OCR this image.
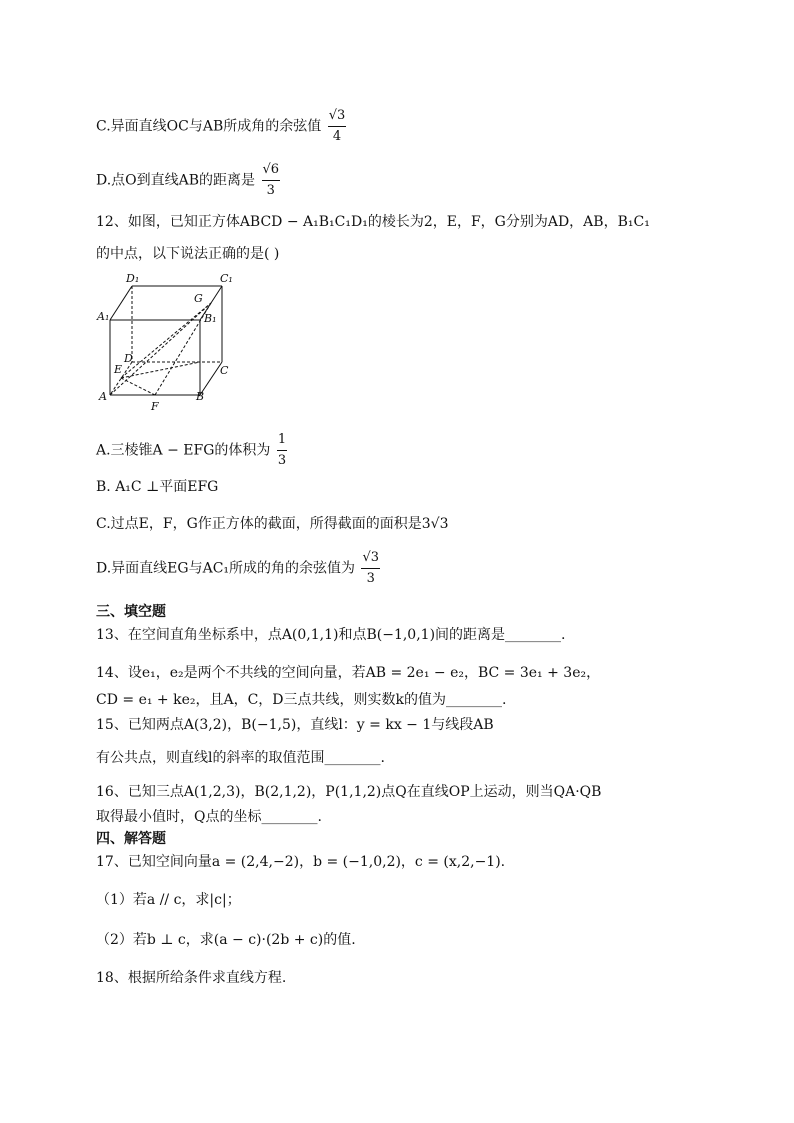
C.异面直线OC与AB所成角的余弦值 $\frac{√3}{4}$
D.点O到直线AB的距离是 $\frac{√6}{3}$
12、如图，已知正方体ABCD − A₁B₁C₁D₁的棱长为2，E，F，G分别为AD，AB，B₁C₁
的中点，以下说法正确的是( )
D₁	C₁
A₁
G
B₁
E
D
C
A
F
B
A.三棱锥A − EFG的体积为 $\frac{1}{3}$
B. A₁C ⊥平面EFG
C.过点E，F，G作正方体的截面，所得截面的面积是3√3
D.异面直线EG与AC₁所成的角的余弦值为 $\frac{√3}{3}$
三、填空题
13、在空间直角坐标系中，点A(0,1,1)和点B(−1,0,1)间的距离是________.
14、设e₁，e₂是两个不共线的空间向量，若AB = 2e₁ − e₂，BC = 3e₁ + 3e₂，
CD = e₁ + ke₂，且A，C，D三点共线，则实数k的值为________.
15、已知两点A(3,2)，B(−1,5)，直线l：y = kx − 1与线段AB
有公共点，则直线l的斜率的取值范围________.
16、已知三点A(1,2,3)，B(2,1,2)，P(1,1,2)点Q在直线OP上运动，则当QA·QB
取得最小值时，Q点的坐标________.
四、解答题
17、已知空间向量a = (2,4,−2)，b = (−1,0,2)，c = (x,2,−1).
（1）若a // c，求|c|；
（2）若b ⊥ c，求(a − c)·(2b + c)的值.
18、根据所给条件求直线方程.
